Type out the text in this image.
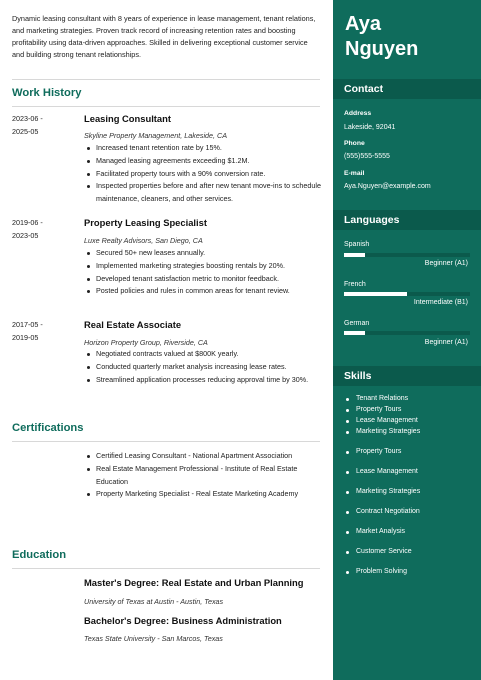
Dynamic leasing consultant with 8 years of experience in lease management, tenant relations, and marketing strategies. Proven track record of increasing retention rates and boosting profitability using data-driven approaches. Skilled in delivering exceptional customer service and building strong tenant relationships.
Work History
2023-06 -
2025-05
Leasing Consultant
Skyline Property Management, Lakeside, CA
Increased tenant retention rate by 15%.
Managed leasing agreements exceeding $1.2M.
Facilitated property tours with a 90% conversion rate.
Inspected properties before and after new tenant move-ins to schedule maintenance, cleaners, and other services.
2019-06 -
2023-05
Property Leasing Specialist
Luxe Realty Advisors, San Diego, CA
Secured 50+ new leases annually.
Implemented marketing strategies boosting rentals by 20%.
Developed tenant satisfaction metric to monitor feedback.
Posted policies and rules in common areas for tenant review.
2017-05 -
2019-05
Real Estate Associate
Horizon Property Group, Riverside, CA
Negotiated contracts valued at $800K yearly.
Conducted quarterly market analysis increasing lease rates.
Streamlined application processes reducing approval time by 30%.
Certifications
Certified Leasing Consultant - National Apartment Association
Real Estate Management Professional - Institute of Real Estate Education
Property Marketing Specialist - Real Estate Marketing Academy
Education
Master's Degree: Real Estate and Urban Planning
University of Texas at Austin - Austin, Texas
Bachelor's Degree: Business Administration
Texas State University - San Marcos, Texas
Aya
Nguyen
Contact
Address
Lakeside, 92041
Phone
(555)555-5555
E-mail
Aya.Nguyen@example.com
Languages
Spanish
Beginner (A1)
French
Intermediate (B1)
German
Beginner (A1)
Skills
Tenant Relations
Property Tours
Lease Management
Marketing Strategies
Property Tours
Lease Management
Marketing Strategies
Contract Negotiation
Market Analysis
Customer Service
Problem Solving
